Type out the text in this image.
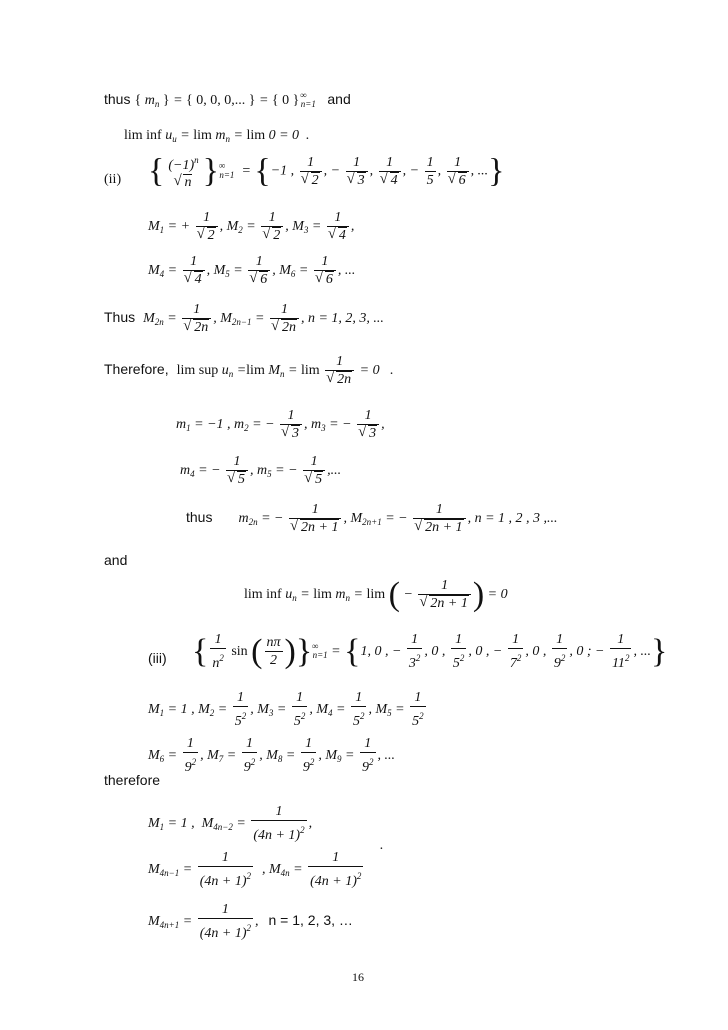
thus { $m_n$ } = { 0, 0, 0,... } = { 0 }$^\infty_{n=1}$ and
lim inf $u_u = \lim m_n = \lim 0 = 0$  .
(ii) { $(-1)^n$
√ n }$^\infty_{n=1} = \{-1$ , 1
√ 2 , − 1
√ 3 , 1
√ 4 , − $\frac{1}{5}$ , 1
√ 6 , ...}
$M_1$ = + 1
√ 2 , $M_2 = 1$
√ 2 , $M_3 = 1$
√ 4 ,
$M_4 = 1$
√ 4 , $M_5 = 1$
√ 6 , $M_6 = 1$
√ 6 , ...
Thus $M_{2n} = 1$
√ 2n , $M_{2n-1} = 1$
√ 2n , n = 1, 2, 3, ...
Therefore, lim sup $u_n =\lim$ $M_n = \lim 1$
√ 2n = 0   .
$m_1 = -1$ , $m_2$ = − 1
√ 3 , $m_3$ = − 1
√ 3 ,
$m_4$ = − 1
√ 5 , $m_5$ = − 1
√ 5 ,...
thus $m_{2n}$ = − 1
√ 2n + 1 , $M_{2n+1}$ = − 1
√ 2n + 1 , n = 1 , 2 , 3 ,...
and
lim inf $u_n = \lim m_n = \lim$ ( − 1
√ 2n + 1 ) = 0
(iii) { $\frac{1}{n^2}$ sin ( $\frac{n\pi}{2} )\}^\infty_{n=1} = \{1$, 0 , − $\frac{1}{3^2}$ , 0 , $\frac{1}{5^2}$ , 0 , − $\frac{1}{7^2}$ , 0 , $\frac{1}{9^2}$ , 0 ; − $\frac{1}{11^2}$ , ...}
$M_1 = 1$ , $M_2 = \frac{1}{5^2}$ , $M_3 = \frac{1}{5^2}$ , $M_4 = \frac{1}{5^2}$ , $M_5 = \frac{1}{5^2}$
$M_6 = \frac{1}{9^2}$ , $M_7 = \frac{1}{9^2}$ , $M_8 = \frac{1}{9^2}$ , $M_9 = \frac{1}{9^2}$ , ...
therefore
$M_1 = 1$ ,  $M_{4n-2} = \frac{1}{(4n + 1)^2}$ ,
.
$M_{4n-1} = \frac{1}{(4n + 1)^2}$ , $M_{4n} = \frac{1}{(4n + 1)^2}$
$M_{4n+1} = \frac{1}{(4n + 1)^2}$ , n = 1, 2, 3, …
16
